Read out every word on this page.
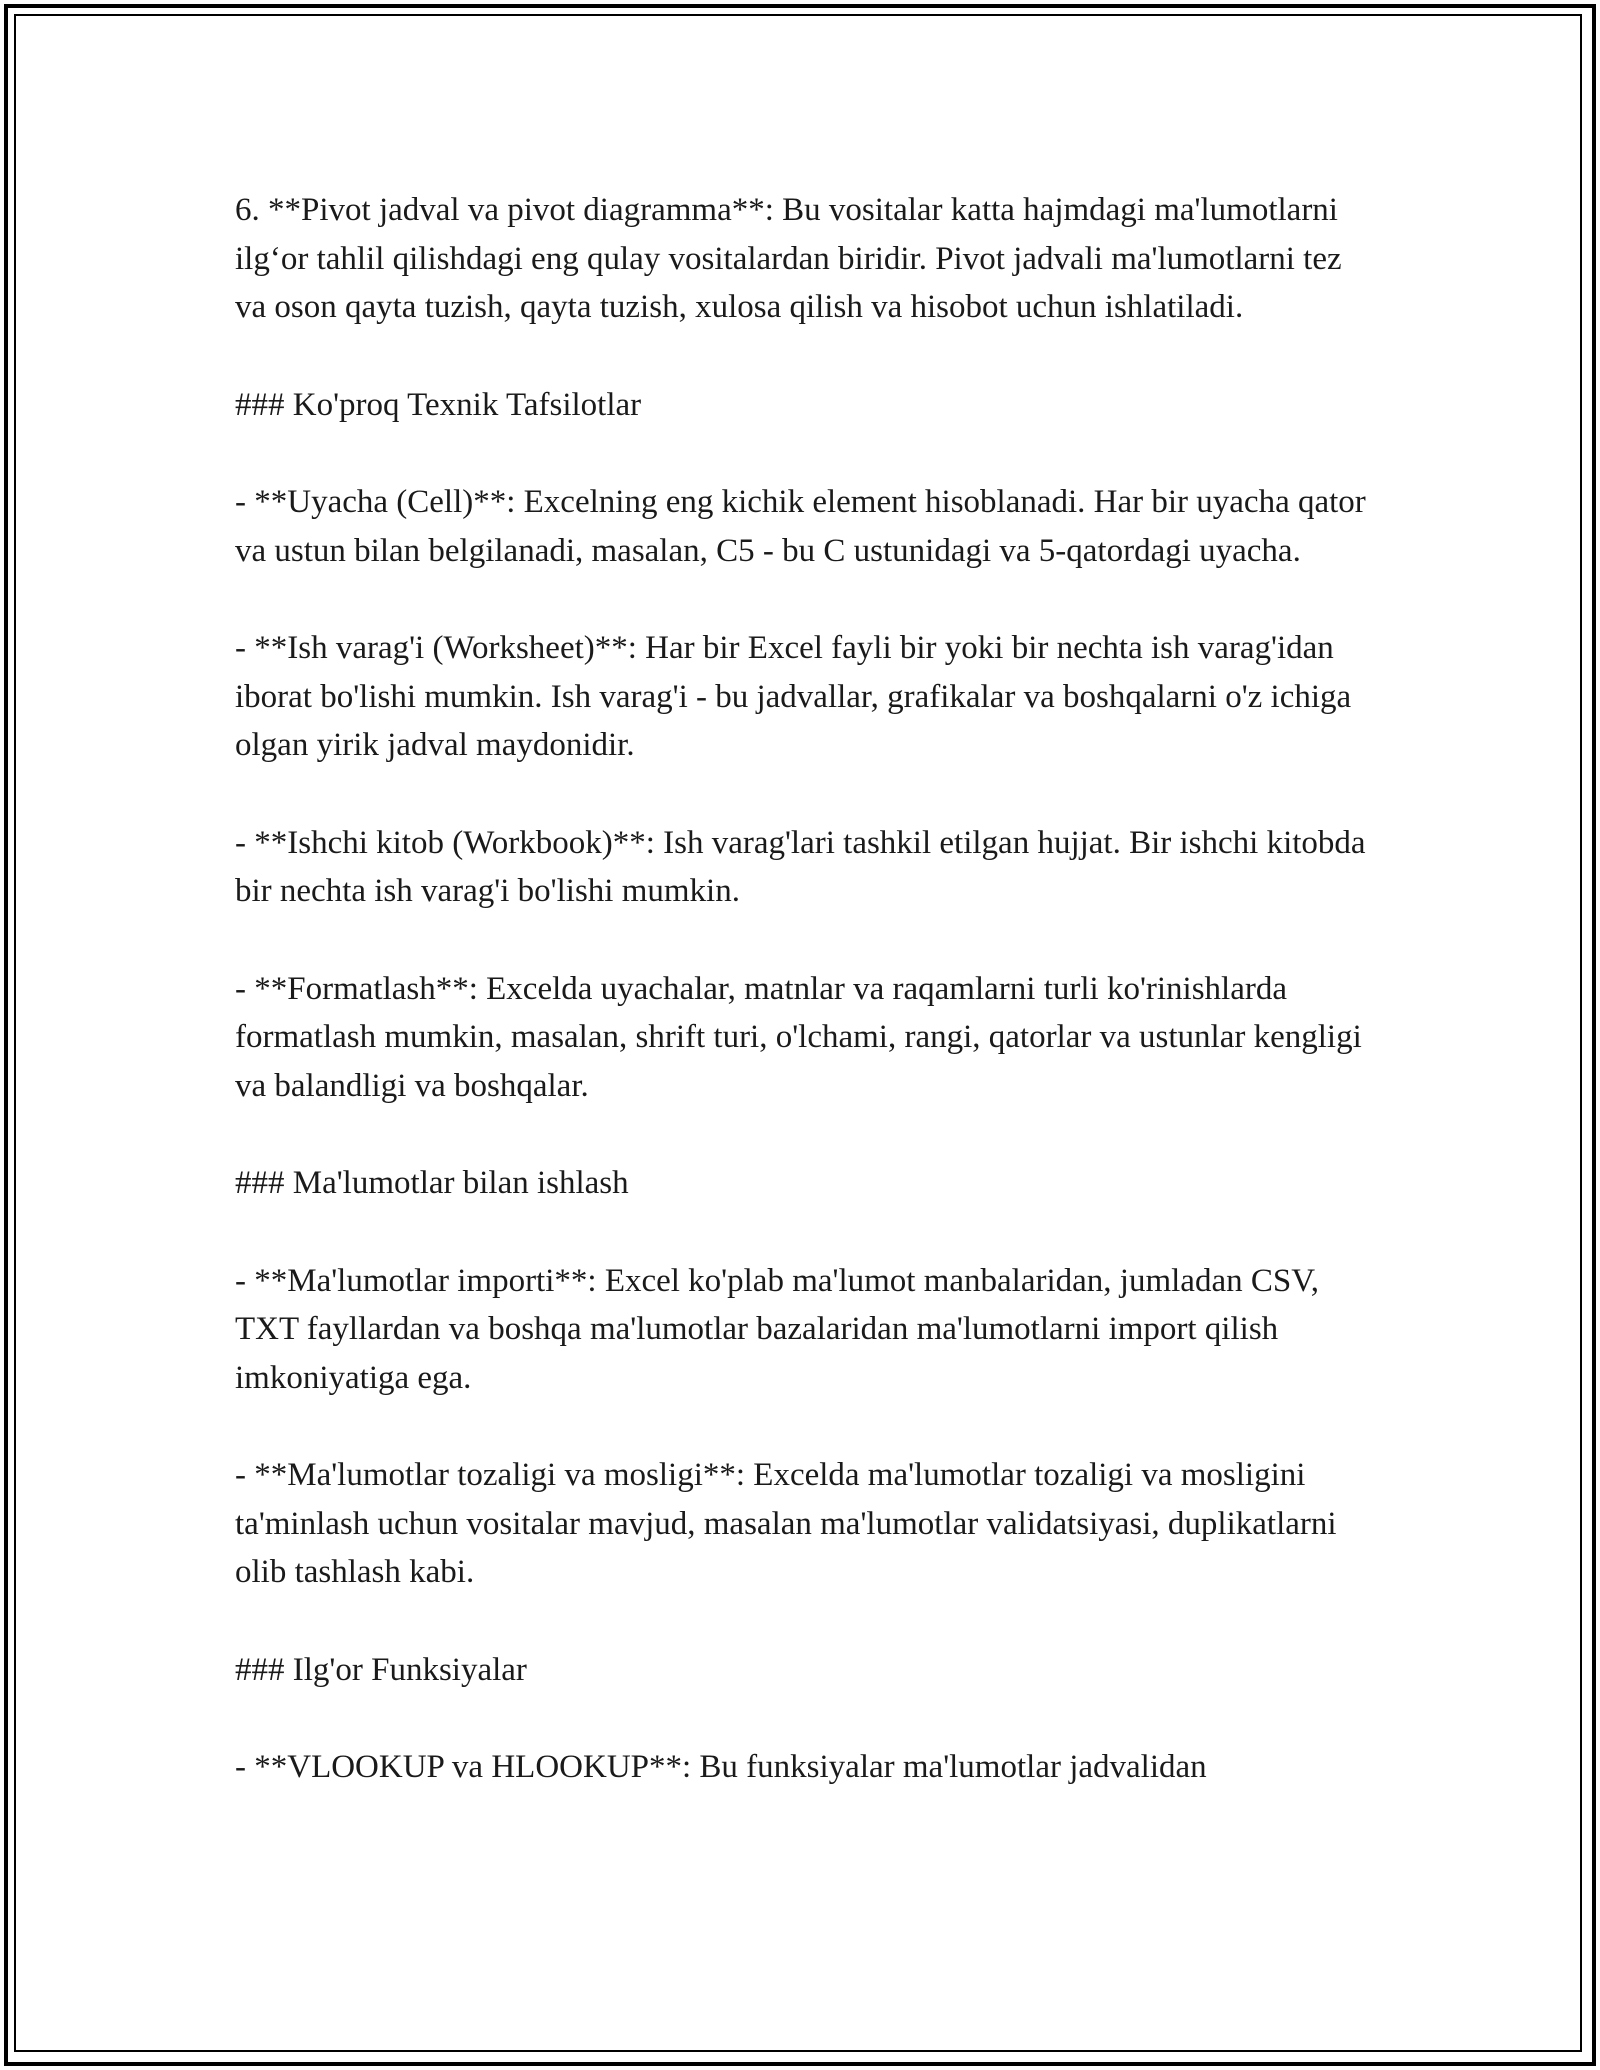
6. **Pivot jadval va pivot diagramma**: Bu vositalar katta hajmdagi ma'lumotlarni ilg‘or tahlil qilishdagi eng qulay vositalardan biridir. Pivot jadvali ma'lumotlarni tez va oson qayta tuzish, qayta tuzish, xulosa qilish va hisobot uchun ishlatiladi.

### Ko'proq Texnik Tafsilotlar

- **Uyacha (Cell)**: Excelning eng kichik element hisoblanadi. Har bir uyacha qator va ustun bilan belgilanadi, masalan, C5 - bu C ustunidagi va 5-qatordagi uyacha.

- **Ish varag'i (Worksheet)**: Har bir Excel fayli bir yoki bir nechta ish varag'idan iborat bo'lishi mumkin. Ish varag'i - bu jadvallar, grafikalar va boshqalarni o'z ichiga olgan yirik jadval maydonidir.

- **Ishchi kitob (Workbook)**: Ish varag'lari tashkil etilgan hujjat. Bir ishchi kitobda bir nechta ish varag'i bo'lishi mumkin.

- **Formatlash**: Excelda uyachalar, matnlar va raqamlarni turli ko'rinishlarda formatlash mumkin, masalan, shrift turi, o'lchami, rangi, qatorlar va ustunlar kengligi va balandligi va boshqalar.

### Ma'lumotlar bilan ishlash

- **Ma'lumotlar importi**: Excel ko'plab ma'lumot manbalaridan, jumladan CSV, TXT fayllardan va boshqa ma'lumotlar bazalaridan ma'lumotlarni import qilish imkoniyatiga ega.

- **Ma'lumotlar tozaligi va mosligi**: Excelda ma'lumotlar tozaligi va mosligini ta'minlash uchun vositalar mavjud, masalan ma'lumotlar validatsiyasi, duplikatlarni olib tashlash kabi.

### Ilg'or Funksiyalar

- **VLOOKUP va HLOOKUP**: Bu funksiyalar ma'lumotlar jadvalidan
